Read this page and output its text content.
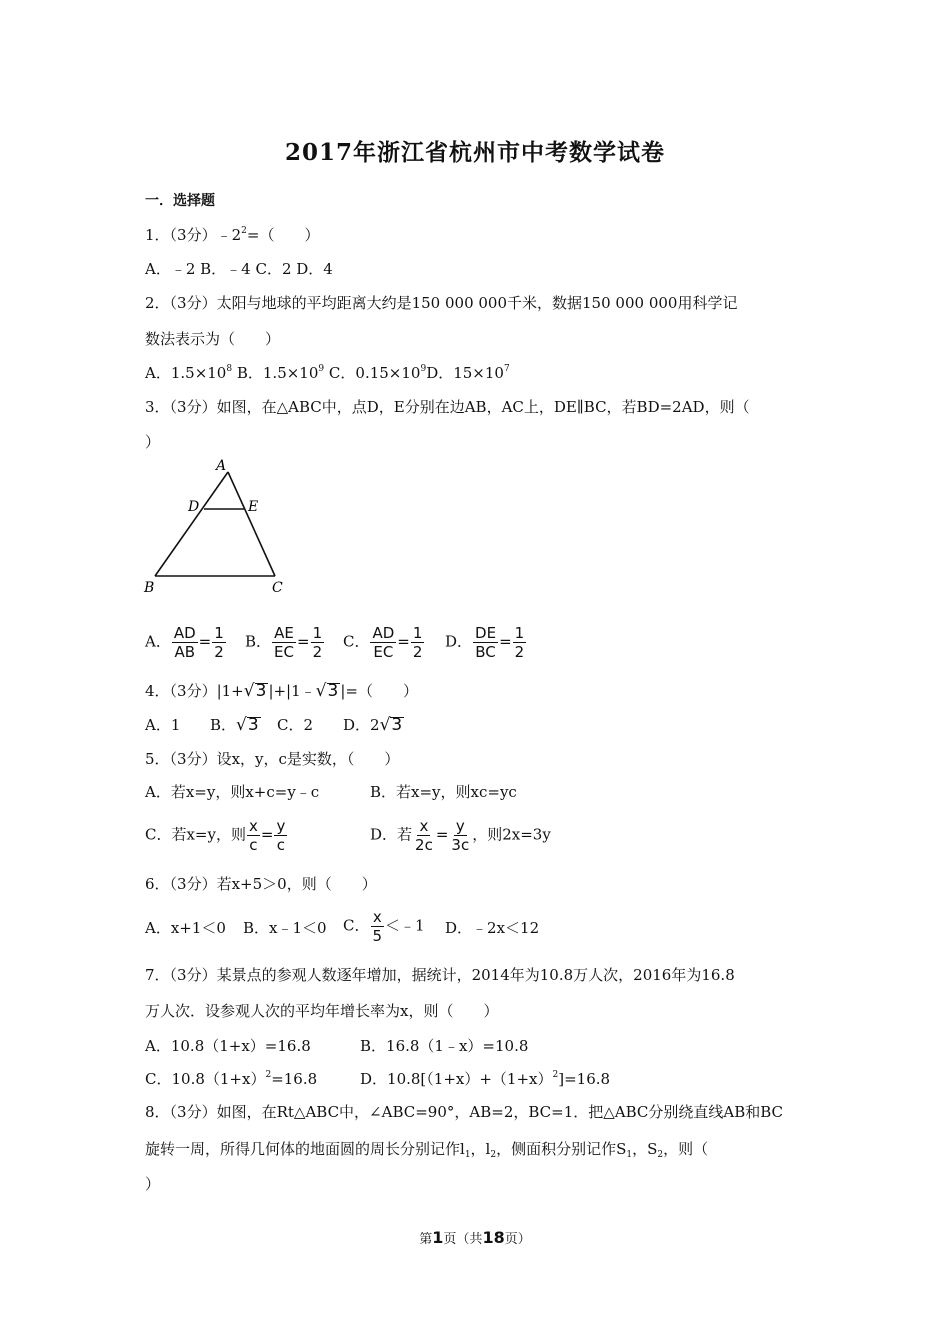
2017年浙江省杭州市中考数学试卷
一．选择题
1．（3分）$﹣2^2=$（　　）
A．﹣2 B．﹣4 C．2 D．4
2．（3分）太阳与地球的平均距离大约是150 000 000千米，数据150 000 000用科学记
数法表示为（　　）
A．$1.5\times 10^8$ B．$1.5\times 10^9$ C．$0.15\times 10^9D$．$15\times 10^7$
3．（3分）如图，在△ABC中，点D，E分别在边AB，AC上，DE∥BC，若BD=2AD，则（
）
A
D	E
B	C
A． $\frac{AD}{AB} = \frac{1}{2}$ B． $\frac{AE}{EC} = \frac{1}{2}$ C． $\frac{AD}{EC} = \frac{1}{2}$ D． $\frac{DE}{BC} = \frac{1}{2}$
4．（3分）|1+√3 |+|1﹣√3 |=（　　）
A．1 B．√3 C．2 D．2√3
5．（3分）设x，y，c是实数，（　　）
A．若x=y，则x+c=y﹣c	B．若x=y，则xc=yc
C．若x=y，则 $\frac{x}{c} = \frac{y}{c}$	D．若 $\frac{x}{2c} = \frac{y}{3c}$ ，则2x=3y
6．（3分）若x+5＞0，则（　　）
A．x+1＜0 B．x﹣1＜0 C． $\frac{x}{5}$ ＜﹣1 D．﹣2x＜12
7．（3分）某景点的参观人数逐年增加，据统计，2014年为10.8万人次，2016年为16.8
万人次．设参观人次的平均年增长率为x，则（　　）
A．10.8（1+x）=16.8	B．16.8（1﹣x）=10.8
C．$10.8(1+x)^2=16.8$	D．$10.8[(1+x)+(1+x)^2]=16.8$
8．（3分）如图，在Rt△ABC中，∠ABC=90°，AB=2，BC=1．把△ABC分别绕直线AB和BC
旋转一周，所得几何体的地面圆的周长分别记作$l_1$，$l_2$，侧面积分别记作$S_1$，$S_2$，则（
）
第1页（共18页）
